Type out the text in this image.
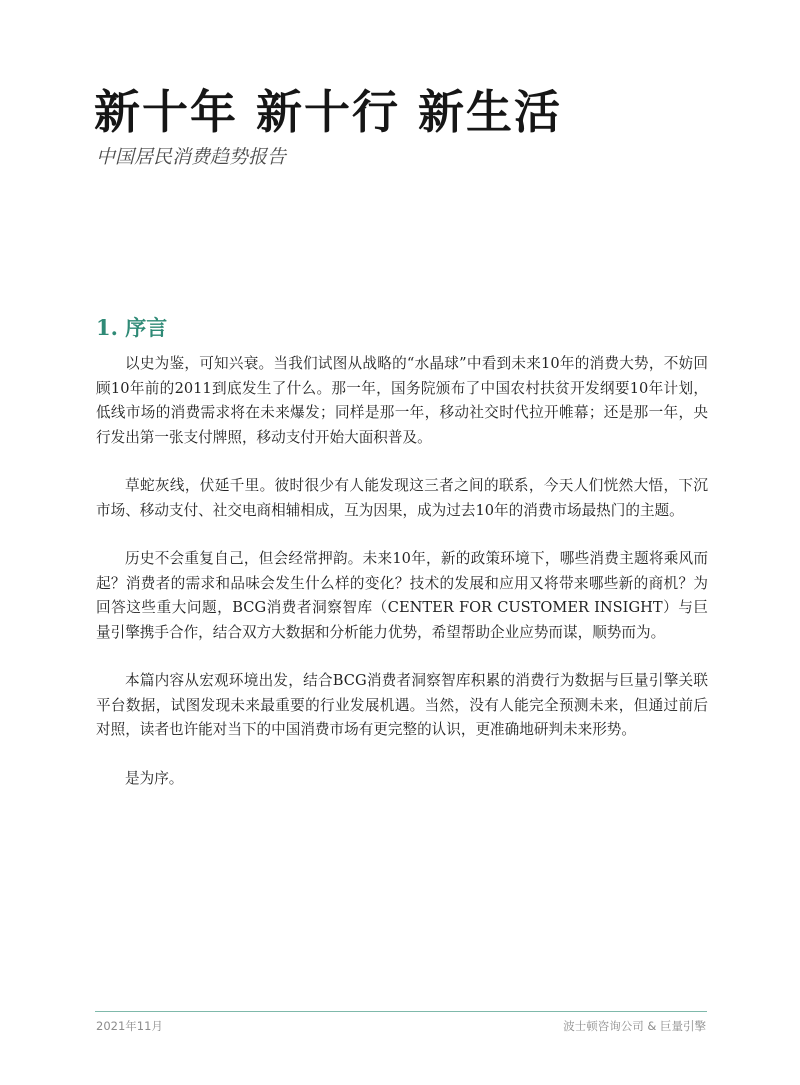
新十年 新十行 新生活
中国居民消费趋势报告
1. 序言

以史为鉴，可知兴衰。当我们试图从战略的“水晶球”中看到未来10年的消费大势，不妨回顾10年前的2011到底发生了什么。那一年，国务院颁布了中国农村扶贫开发纲要10年计划，低线市场的消费需求将在未来爆发；同样是那一年，移动社交时代拉开帷幕；还是那一年，央行发出第一张支付牌照，移动支付开始大面积普及。

草蛇灰线，伏延千里。彼时很少有人能发现这三者之间的联系，今天人们恍然大悟，下沉市场、移动支付、社交电商相辅相成，互为因果，成为过去10年的消费市场最热门的主题。

历史不会重复自己，但会经常押韵。未来10年，新的政策环境下，哪些消费主题将乘风而起？消费者的需求和品味会发生什么样的变化？技术的发展和应用又将带来哪些新的商机？为回答这些重大问题，BCG消费者洞察智库（CENTER FOR CUSTOMER INSIGHT）与巨量引擎携手合作，结合双方大数据和分析能力优势，希望帮助企业应势而谋，顺势而为。

本篇内容从宏观环境出发，结合BCG消费者洞察智库积累的消费行为数据与巨量引擎关联平台数据，试图发现未来最重要的行业发展机遇。当然，没有人能完全预测未来，但通过前后对照，读者也许能对当下的中国消费市场有更完整的认识，更准确地研判未来形势。

是为序。

2021年11月	波士顿咨询公司 & 巨量引擎
